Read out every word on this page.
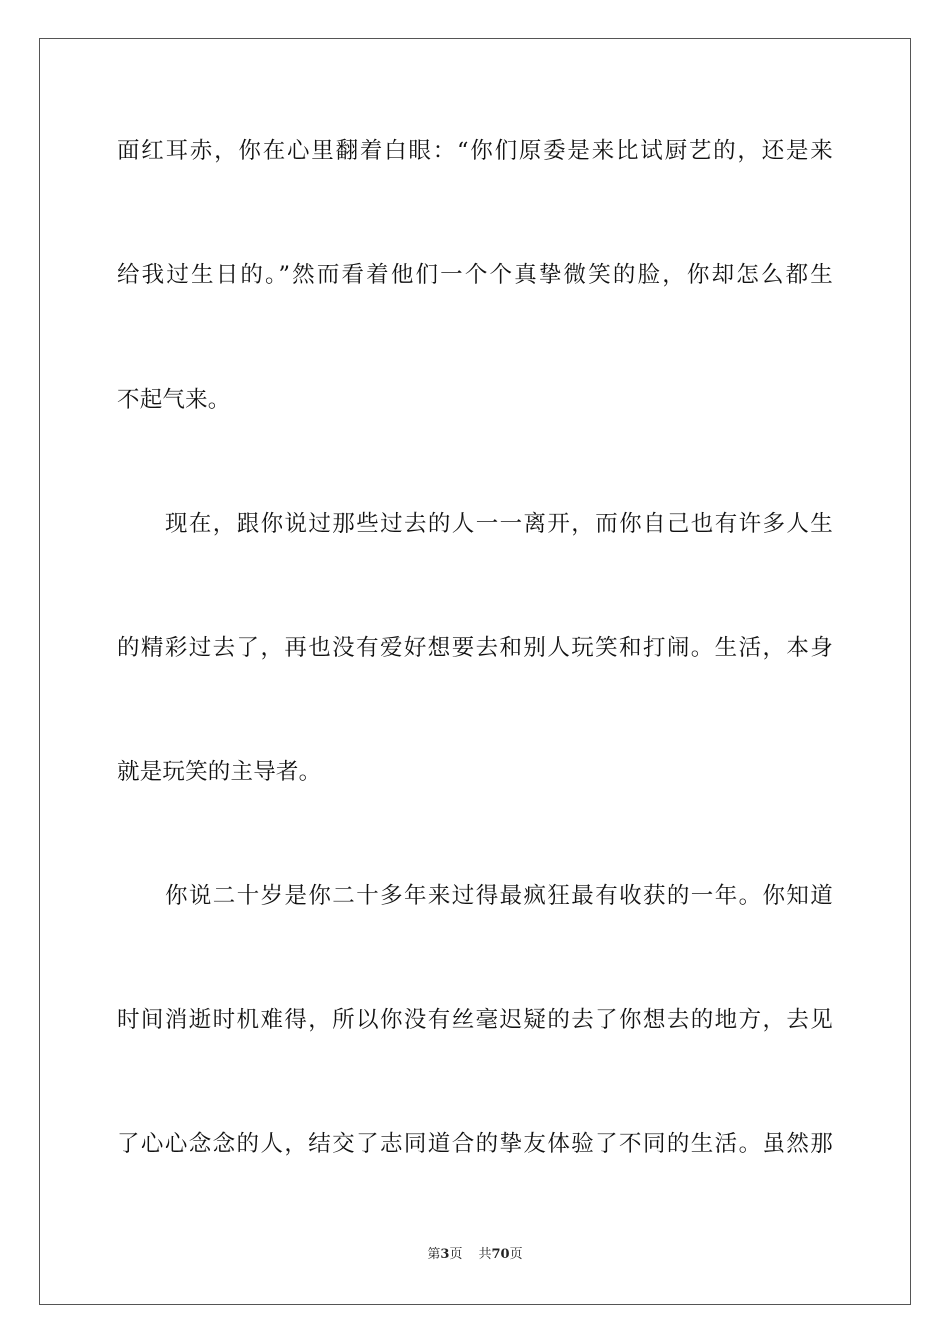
面红耳赤，你在心里翻着白眼：“你们原委是来比试厨艺的，还是来
给我过生日的。”然而看着他们一个个真挚微笑的脸，你却怎么都生
不起气来。
现在，跟你说过那些过去的人一一离开，而你自己也有许多人生
的精彩过去了，再也没有爱好想要去和别人玩笑和打闹。生活，本身
就是玩笑的主导者。
你说二十岁是你二十多年来过得最疯狂最有收获的一年。你知道
时间消逝时机难得，所以你没有丝毫迟疑的去了你想去的地方，去见
了心心念念的人，结交了志同道合的挚友体验了不同的生活。虽然那
第3页 共70页
